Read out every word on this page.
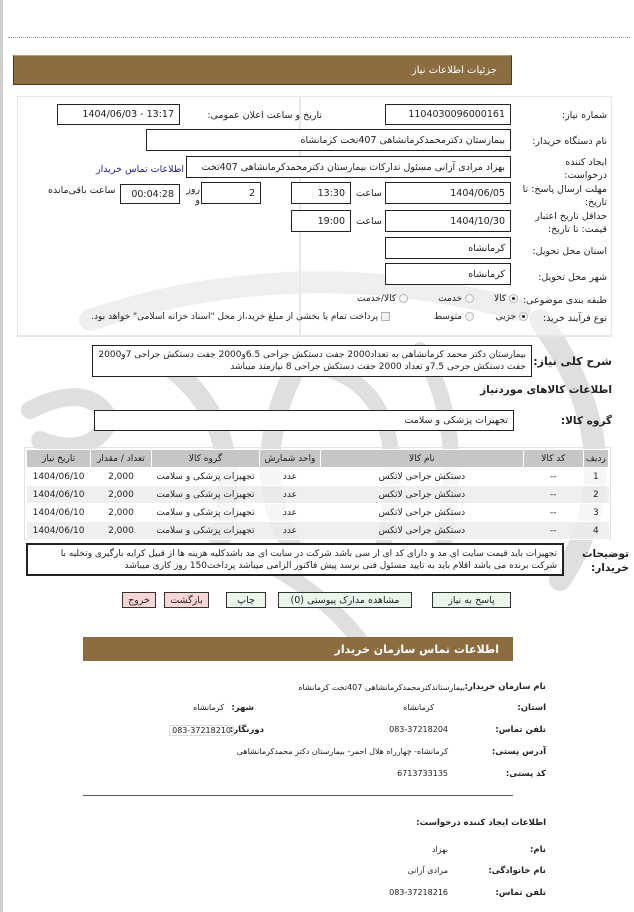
جزئیات اطلاعات نیاز
شماره نیاز:
1104030096000161
تاریخ و ساعت اعلان عمومی:
1404/06/03 - 13:17
نام دستگاه خریدار:
بیمارستان دکترمحمدکرمانشاهی 407تخت کرمانشاه
ایجاد کننده
درخواست:
بهزاد مرادی آزانی مسئول تدارکات بیمارستان دکترمحمدکرمانشاهی 407تخت
اطلاعات تماس خریدار
مهلت ارسال پاسخ: تا
تاریخ:
1404/06/05
ساعت
13:30
2
روز و
00:04:28
ساعت باقی‌مانده
حداقل تاریخ اعتبار
قیمت: تا تاریخ:
1404/10/30
ساعت
19:00
استان محل تحویل:
کرمانشاه
شهر محل تحویل:
کرمانشاه
طبقه بندی موضوعی:
کالا
خدمت
کالا/خدمت
نوع فرآیند خرید:
جزیی
متوسط
پرداخت تمام یا بخشی از مبلغ خرید،از محل "اسناد خزانه اسلامی" خواهد بود.
شرح کلی نیاز:
بیمارستان دکتر محمد کرمانشاهی به تعداد2000 جفت دستکش جراحی 6.5و2000 جفت دستکش جراحی 7و2000 جفت دستکش جرحی 7.5و تعداد 2000 جفت دستکش جراحی 8 نیازمند میباشد
اطلاعات کالاهای موردنیاز
گروه کالا:
تجهیزات پزشکی و سلامت
ردیف	کد کالا	نام کالا	واحد شمارش	گروه کالا	تعداد / مقدار	تاریخ نیاز
1	--	دستکش جراحی لاتکس	عدد	تجهیزات پزشکی و سلامت	2,000	1404/06/10
2	--	دستکش جراحی لاتکس	عدد	تجهیزات پزشکی و سلامت	2,000	1404/06/10
3	--	دستکش جراحی لاتکس	عدد	تجهیزات پزشکی و سلامت	2,000	1404/06/10
4	--	دستکش جراحی لاتکس	عدد	تجهیزات پزشکی و سلامت	2,000	1404/06/10
توضیحات
خریدار:
تجهیزات باید قیمت سایت ای مد و دارای کد ای ار سی باشد شرکت در سایت ای مد باشدکلیه هزینه ها از قبیل کرایه بارگیری وتخلیه با شرکت برنده می باشد اقلام باید به تایید مسئول فنی برسد پیش فاکتور الزامی میباشد پرداخت150 روز کاری میباشد
پاسخ به نیاز
مشاهده مدارک پیوستی (0)
چاپ
بازگشت
خروج
اطلاعات تماس سازمان خریدار
نام سازمان خریدار:
بیمارستاندکترمحمدکرمانشاهی 407تخت کرمانشاه
استان:
کرمانشاه
شهر:
کرمانشاه
تلفن تماس:
083-37218204
دورنگار:
083-37218210
آدرس پستی:
کرمانشاه- چهارراه هلال احمر- بیمارستان دکتر محمدکرمانشاهی
کد پستی:
6713733135
اطلاعات ایجاد کننده درخواست:
نام:
بهزاد
نام خانوادگی:
مرادی آزانی
تلفن تماس:
083-37218216
